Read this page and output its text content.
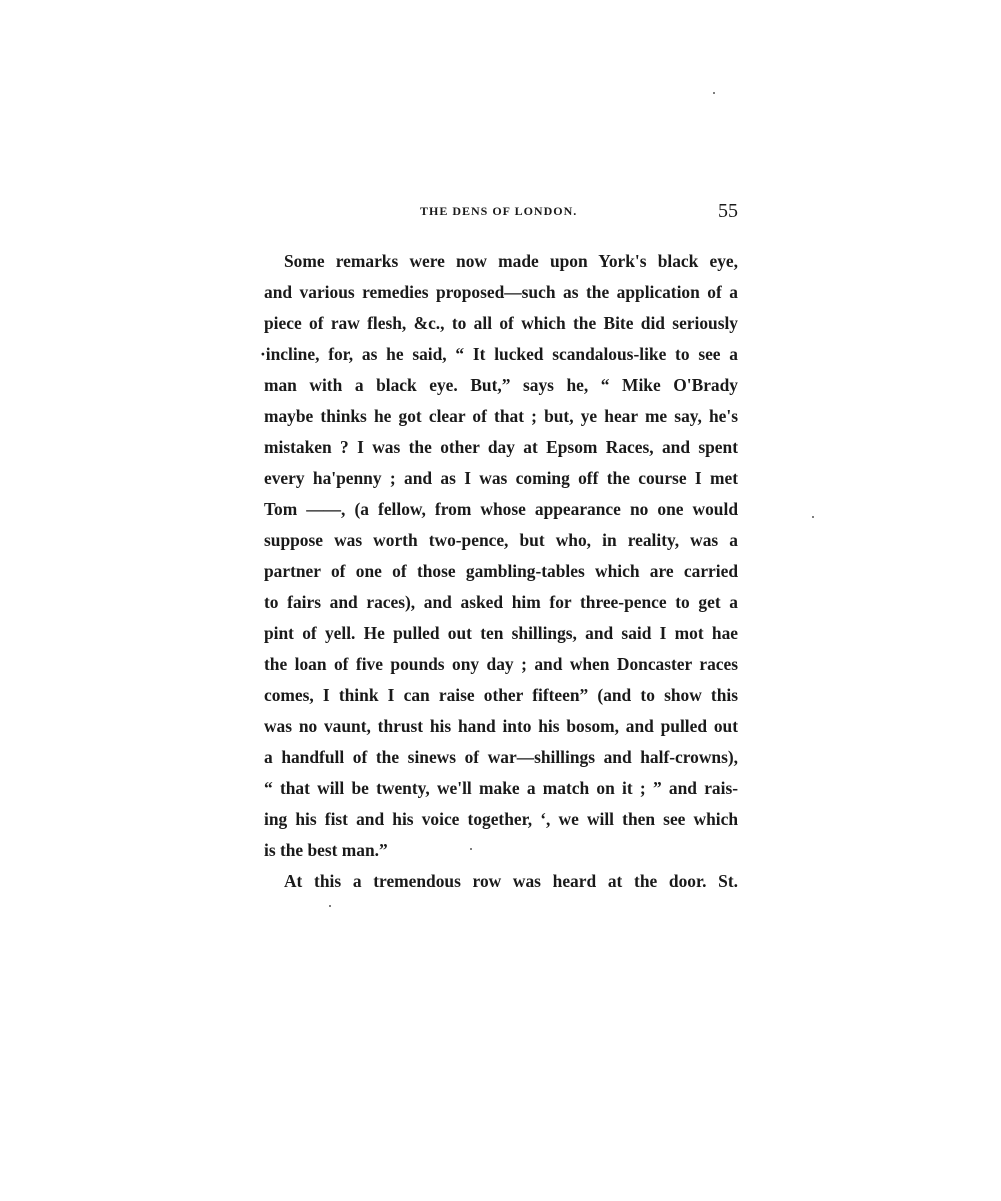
THE DENS OF LONDON.	55
Some remarks were now made upon York's black eye,
and various remedies proposed—such as the application of a
piece of raw flesh, &c., to all of which the Bite did seriously
·incline, for, as he said, “ It lucked scandalous-like to see a
man with a black eye. But,” says he, “ Mike O'Brady
maybe thinks he got clear of that ; but, ye hear me say, he's
mistaken ? I was the other day at Epsom Races, and spent
every ha'penny ; and as I was coming off the course I met
Tom ——, (a fellow, from whose appearance no one would
suppose was worth two-pence, but who, in reality, was a
partner of one of those gambling-tables which are carried
to fairs and races), and asked him for three-pence to get a
pint of yell. He pulled out ten shillings, and said I mot hae
the loan of five pounds ony day ; and when Doncaster races
comes, I think I can raise other fifteen” (and to show this
was no vaunt, thrust his hand into his bosom, and pulled out
a handfull of the sinews of war—shillings and half-crowns),
“ that will be twenty, we'll make a match on it ; ” and rais-
ing his fist and his voice together, ‘, we will then see which
is the best man.”
At this a tremendous row was heard at the door. St.
